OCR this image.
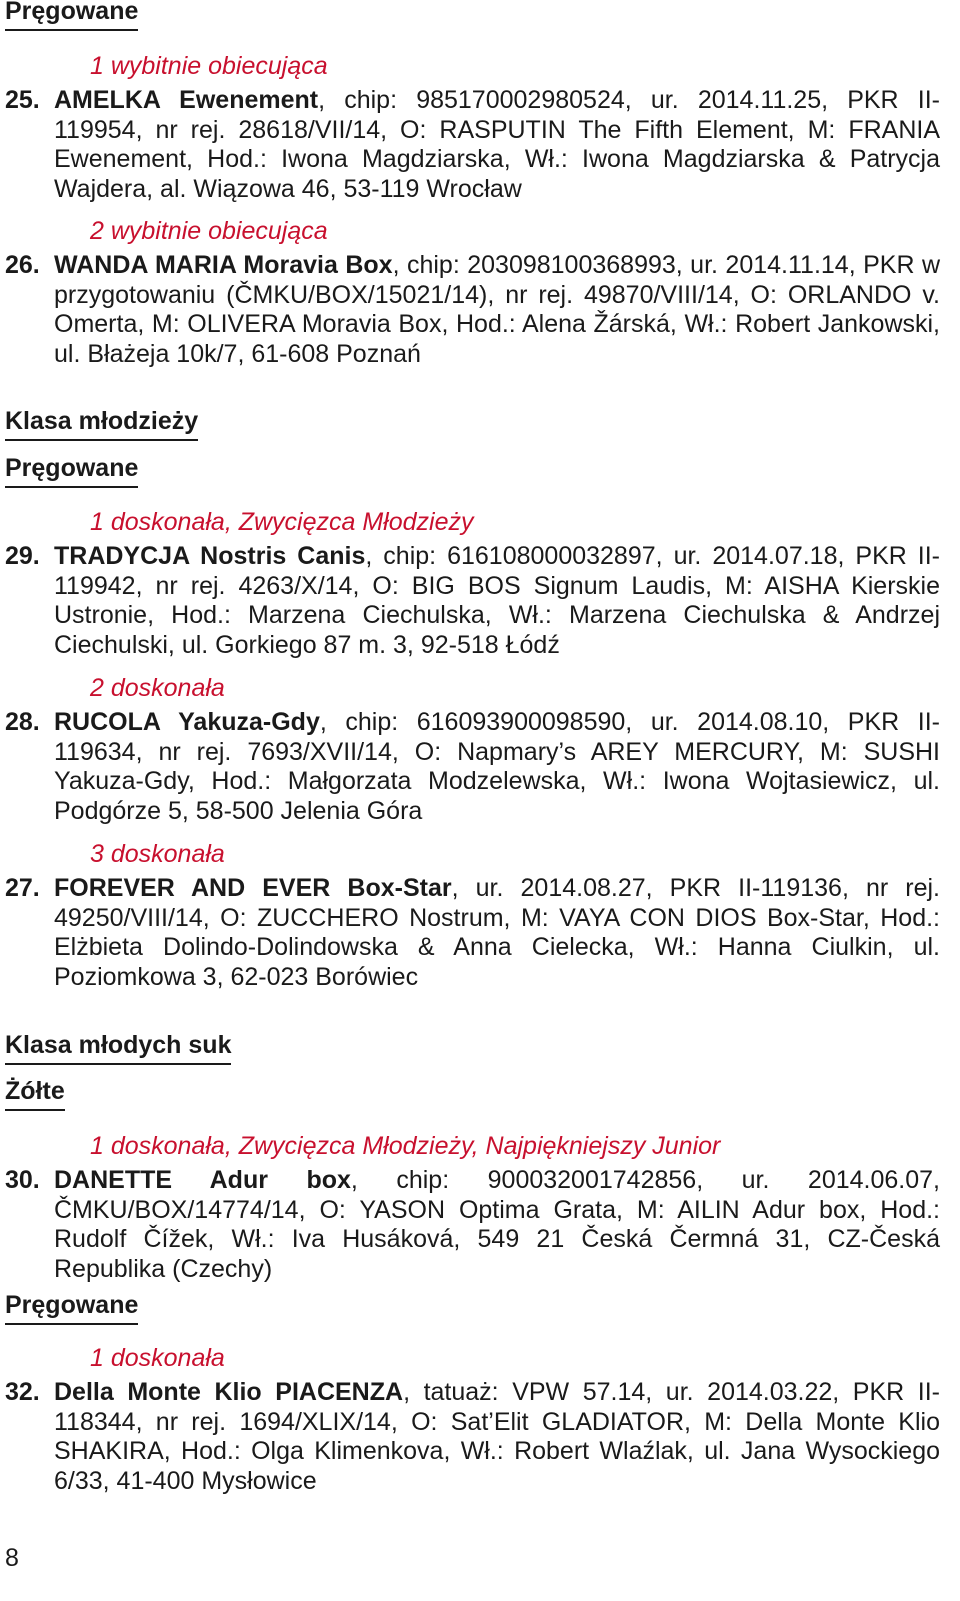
Pręgowane
1 wybitnie obiecująca
25. AMELKA Ewenement, chip: 985170002980524, ur. 2014.11.25, PKR II-119954, nr rej. 28618/VII/14, O: RASPUTIN The Fifth Element, M: FRANIA Ewenement, Hod.: Iwona Magdziarska, Wł.: Iwona Magdziarska & Patrycja Wajdera, al. Wiązowa 46, 53-119 Wrocław
2 wybitnie obiecująca
26. WANDA MARIA Moravia Box, chip: 203098100368993, ur. 2014.11.14, PKR w przygotowaniu (ČMKU/BOX/15021/14), nr rej. 49870/VIII/14, O: ORLANDO v. Omerta, M: OLIVERA Moravia Box, Hod.: Alena Žárská, Wł.: Robert Jankowski, ul. Błażeja 10k/7, 61-608 Poznań
Klasa młodzieży
Pręgowane
1 doskonała, Zwycięzca Młodzieży
29. TRADYCJA Nostris Canis, chip: 616108000032897, ur. 2014.07.18, PKR II-119942, nr rej. 4263/X/14, O: BIG BOS Signum Laudis, M: AISHA Kierskie Ustronie, Hod.: Marzena Ciechulska, Wł.: Marzena Ciechulska & Andrzej Ciechulski, ul. Gorkiego 87 m. 3, 92-518 Łódź
2 doskonała
28. RUCOLA Yakuza-Gdy, chip: 616093900098590, ur. 2014.08.10, PKR II-119634, nr rej. 7693/XVII/14, O: Napmary’s AREY MERCURY, M: SUSHI Yakuza-Gdy, Hod.: Małgorzata Modzelewska, Wł.: Iwona Wojtasiewicz, ul. Podgórze 5, 58-500 Jelenia Góra
3 doskonała
27. FOREVER AND EVER Box-Star, ur. 2014.08.27, PKR II-119136, nr rej. 49250/VIII/14, O: ZUCCHERO Nostrum, M: VAYA CON DIOS Box-Star, Hod.: Elżbieta Dolindo-Dolindowska & Anna Cielecka, Wł.: Hanna Ciulkin, ul. Poziomkowa 3, 62-023 Borówiec
Klasa młodych suk
Żółte
1 doskonała, Zwycięzca Młodzieży, Najpiękniejszy Junior
30. DANETTE Adur box, chip: 900032001742856, ur. 2014.06.07, ČMKU/BOX/14774/14, O: YASON Optima Grata, M: AILIN Adur box, Hod.: Rudolf Čížek, Wł.: Iva Husáková, 549 21 Česká Čermná 31, CZ-Česká Republika (Czechy)
Pręgowane
1 doskonała
32. Della Monte Klio PIACENZA, tatuaż: VPW 57.14, ur. 2014.03.22, PKR II-118344, nr rej. 1694/XLIX/14, O: Sat’Elit GLADIATOR, M: Della Monte Klio SHAKIRA, Hod.: Olga Klimenkova, Wł.: Robert Wlaźlak, ul. Jana Wysockiego 6/33, 41-400 Mysłowice
8
